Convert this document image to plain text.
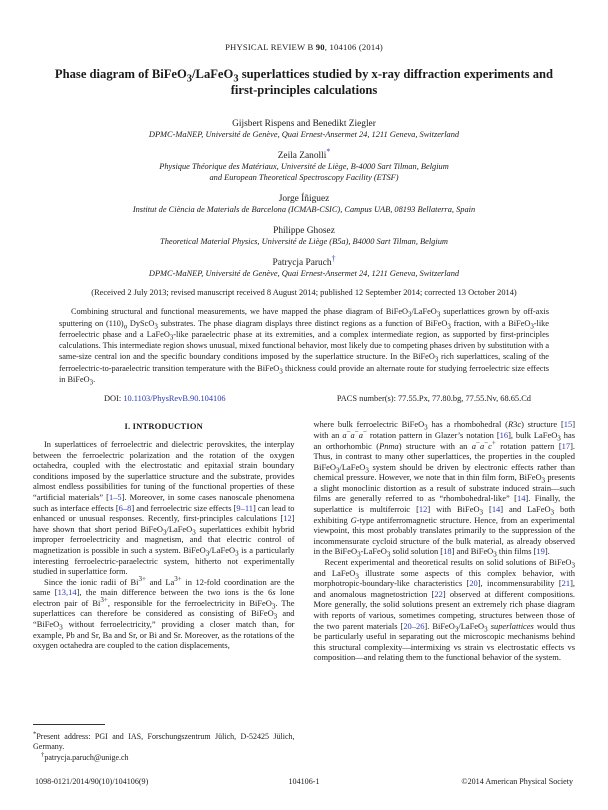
PHYSICAL REVIEW B 90, 104106 (2014)
Phase diagram of BiFeO$_3$/LaFeO$_3$ superlattices studied by x-ray diffraction experiments and
first-principles calculations
Gijsbert Rispens and Benedikt Ziegler
DPMC-MaNEP, Université de Genève, Quai Ernest-Ansermet 24, 1211 Geneva, Switzerland
Zeila Zanolli*
Physique Théorique des Matériaux, Université de Liège, B-4000 Sart Tilman, Belgium
and European Theoretical Spectroscopy Facility (ETSF)
Jorge Íñiguez
Institut de Ciència de Materials de Barcelona (ICMAB-CSIC), Campus UAB, 08193 Bellaterra, Spain
Philippe Ghosez
Theoretical Material Physics, Université de Liège (B5a), B4000 Sart Tilman, Belgium
Patrycja Paruch†
DPMC-MaNEP, Université de Genève, Quai Ernest-Ansermet 24, 1211 Geneva, Switzerland
(Received 2 July 2013; revised manuscript received 8 August 2014; published 12 September 2014; corrected 13 October 2014)
Combining structural and functional measurements, we have mapped the phase diagram of BiFeO$_3$/LaFeO$_3$ superlattices grown by off-axis sputtering on $(110)_o$ DyScO$_3$ substrates. The phase diagram displays three distinct regions as a function of BiFeO$_3$ fraction, with a BiFeO$_3$-like ferroelectric phase and a LaFeO$_3$-like paraelectric phase at its extremities, and a complex intermediate region, as supported by first-principles calculations. This intermediate region shows unusual, mixed functional behavior, most likely due to competing phases driven by substitution with a same-size central ion and the specific boundary conditions imposed by the superlattice structure. In the BiFeO$_3$ rich superlattices, scaling of the ferroelectric-to-paraelectric transition temperature with the BiFeO$_3$ thickness could provide an alternate route for studying ferroelectric size effects in BiFeO$_3$.
DOI: 10.1103/PhysRevB.90.104106	PACS number(s): 77.55.Px, 77.80.bg, 77.55.Nv, 68.65.Cd
I. INTRODUCTION

In superlattices of ferroelectric and dielectric perovskites, the interplay between the ferroelectric polarization and the rotation of the oxygen octahedra, coupled with the electrostatic and epitaxial strain boundary conditions imposed by the superlattice structure and the substrate, provides almost endless possibilities for tuning of the functional properties of these “artificial materials” [1–5]. Moreover, in some cases nanoscale phenomena such as interface effects [6–8] and ferroelectric size effects [9–11] can lead to enhanced or unusual responses. Recently, first-principles calculations [12] have shown that short period BiFeO$_3$/LaFeO$_3$ superlattices exhibit hybrid improper ferroelectricity and magnetism, and that electric control of magnetization is possible in such a system. BiFeO$_3$/LaFeO$_3$ is a particularly interesting ferroelectric-paraelectric system, hitherto not experimentally studied in superlattice form.

Since the ionic radii of $Bi^{3+}$ and $La^{3+}$ in 12-fold coordination are the same [13,14], the main difference between the two ions is the 6s lone electron pair of $Bi^{3+}$, responsible for the ferroelectricity in BiFeO$_3$. The superlattices can therefore be considered as consisting of BiFeO$_3$ and “BiFeO$_3$ without ferroelectricity,” providing a closer match than, for example, Pb and Sr, Ba and Sr, or Bi and Sr. Moreover, as the rotations of the oxygen octahedra are coupled to the cation displacements,

*Present address: PGI and IAS, Forschungszentrum Jülich, D-52425 Jülich, Germany.

†patrycja.paruch@unige.ch

where bulk ferroelectric BiFeO$_3$ has a rhombohedral (R3c) structure [15] with an a−a−a− rotation pattern in Glazer’s notation [16], bulk LaFeO$_3$ has an orthorhombic (Pnma) structure with an a−a−c+ rotation pattern [17]. Thus, in contrast to many other superlattices, the properties in the coupled BiFeO$_3$/LaFeO$_3$ system should be driven by electronic effects rather than chemical pressure. However, we note that in thin film form, BiFeO$_3$ presents a slight monoclinic distortion as a result of substrate induced strain—such films are generally referred to as “rhombohedral-like” [14]. Finally, the superlattice is multiferroic [12] with BiFeO$_3$ [14] and LaFeO$_3$ both exhibiting G-type antiferromagnetic structure. Hence, from an experimental viewpoint, this most probably translates primarily to the suppression of the incommensurate cycloid structure of the bulk material, as already observed in the BiFeO$_3$-LaFeO$_3$ solid solution [18] and BiFeO$_3$ thin films [19].

Recent experimental and theoretical results on solid solutions of BiFeO$_3$ and LaFeO$_3$ illustrate some aspects of this complex behavior, with morphotropic-boundary-like characteristics [20], incommensurability [21], and anomalous magnetostriction [22] observed at different compositions. More generally, the solid solutions present an extremely rich phase diagram with reports of various, sometimes competing, structures between those of the two parent materials [20–26]. BiFeO$_3$/LaFeO$_3$ superlattices would thus be particularly useful in separating out the microscopic mechanisms behind this structural complexity—intermixing vs strain vs electrostatic effects vs composition—and relating them to the functional behavior of the system.

1098-0121/2014/90(10)/104106(9)	104106-1	©2014 American Physical Society
